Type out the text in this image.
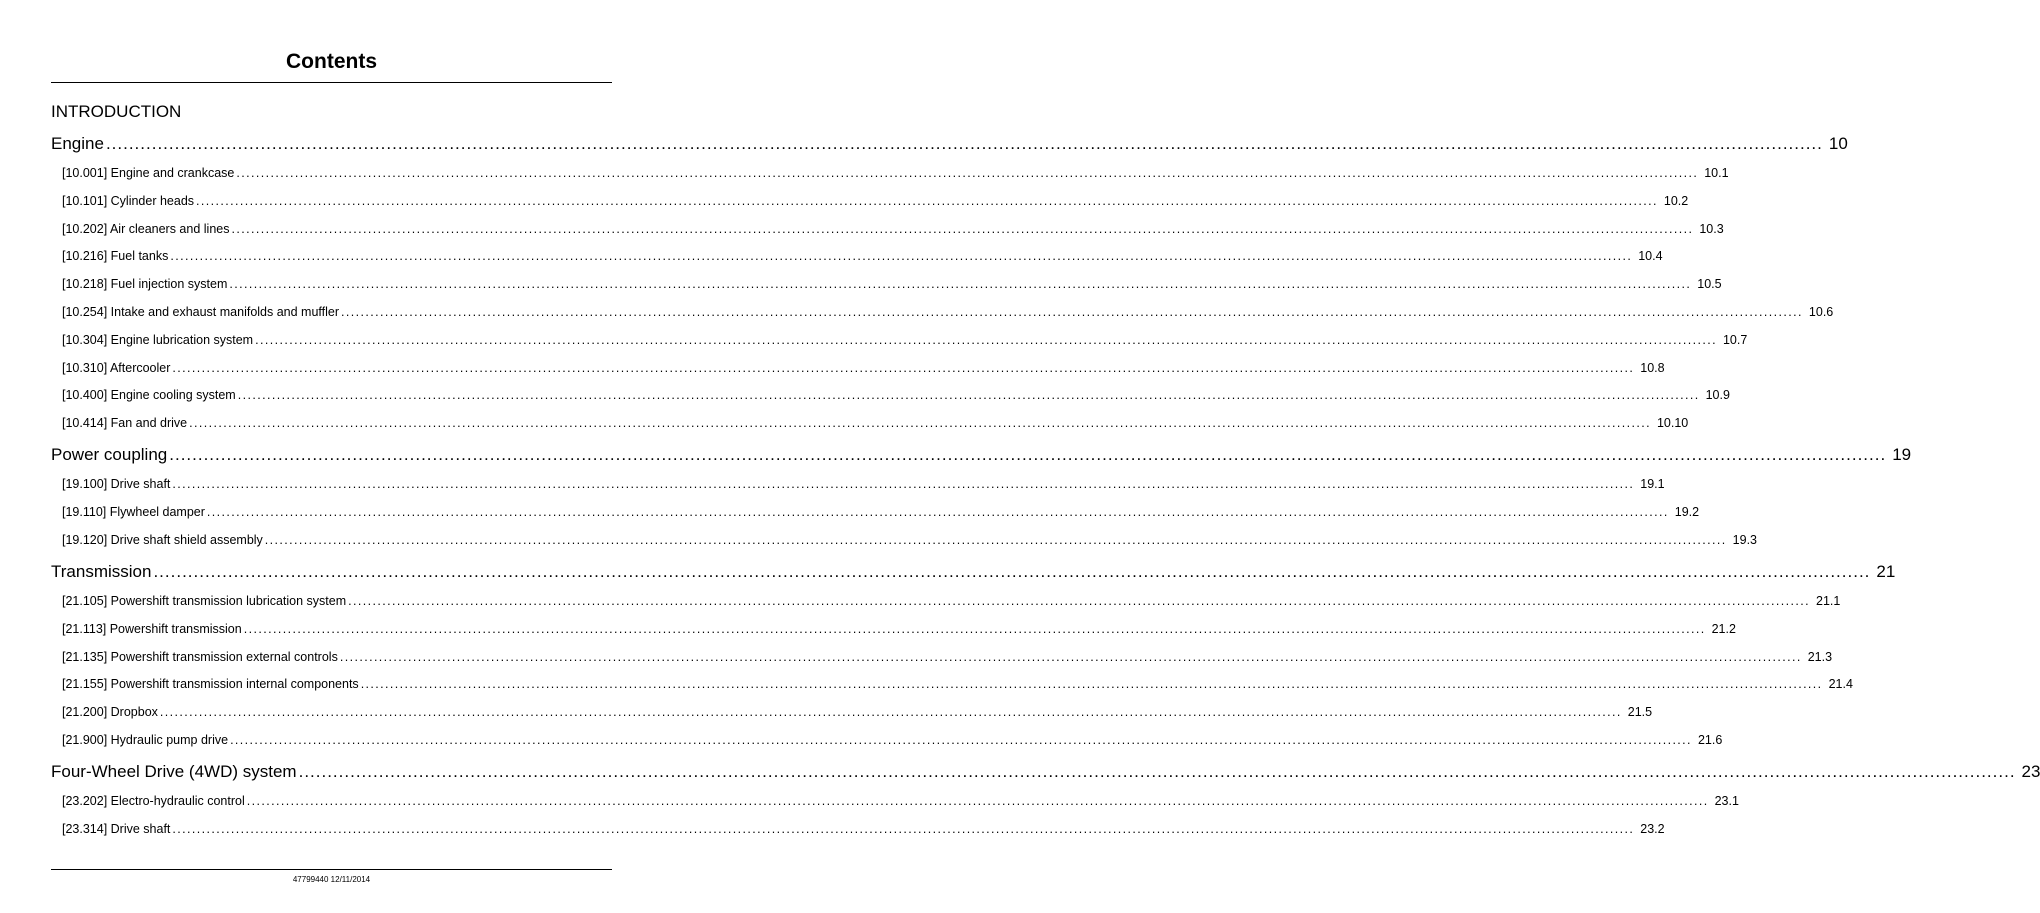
Contents
INTRODUCTION
Engine ............................................................................................................................................................................................................................................................................................................ 10
[10.001] Engine and crankcase ............................................................................................................................................................................................................................................................................................................ 10.1
[10.101] Cylinder heads ............................................................................................................................................................................................................................................................................................................ 10.2
[10.202] Air cleaners and lines ............................................................................................................................................................................................................................................................................................................ 10.3
[10.216] Fuel tanks ............................................................................................................................................................................................................................................................................................................ 10.4
[10.218] Fuel injection system ............................................................................................................................................................................................................................................................................................................ 10.5
[10.254] Intake and exhaust manifolds and muffler ............................................................................................................................................................................................................................................................................................................ 10.6
[10.304] Engine lubrication system ............................................................................................................................................................................................................................................................................................................ 10.7
[10.310] Aftercooler ............................................................................................................................................................................................................................................................................................................ 10.8
[10.400] Engine cooling system ............................................................................................................................................................................................................................................................................................................ 10.9
[10.414] Fan and drive ............................................................................................................................................................................................................................................................................................................ 10.10
Power coupling ............................................................................................................................................................................................................................................................................................................ 19
[19.100] Drive shaft ............................................................................................................................................................................................................................................................................................................ 19.1
[19.110] Flywheel damper ............................................................................................................................................................................................................................................................................................................ 19.2
[19.120] Drive shaft shield assembly ............................................................................................................................................................................................................................................................................................................ 19.3
Transmission ............................................................................................................................................................................................................................................................................................................ 21
[21.105] Powershift transmission lubrication system ............................................................................................................................................................................................................................................................................................................ 21.1
[21.113] Powershift transmission ............................................................................................................................................................................................................................................................................................................ 21.2
[21.135] Powershift transmission external controls ............................................................................................................................................................................................................................................................................................................ 21.3
[21.155] Powershift transmission internal components ............................................................................................................................................................................................................................................................................................................ 21.4
[21.200] Dropbox ............................................................................................................................................................................................................................................................................................................ 21.5
[21.900] Hydraulic pump drive ............................................................................................................................................................................................................................................................................................................ 21.6
Four-Wheel Drive (4WD) system ............................................................................................................................................................................................................................................................................................................ 23
[23.202] Electro-hydraulic control ............................................................................................................................................................................................................................................................................................................ 23.1
[23.314] Drive shaft ............................................................................................................................................................................................................................................................................................................ 23.2
47799440 12/11/2014
